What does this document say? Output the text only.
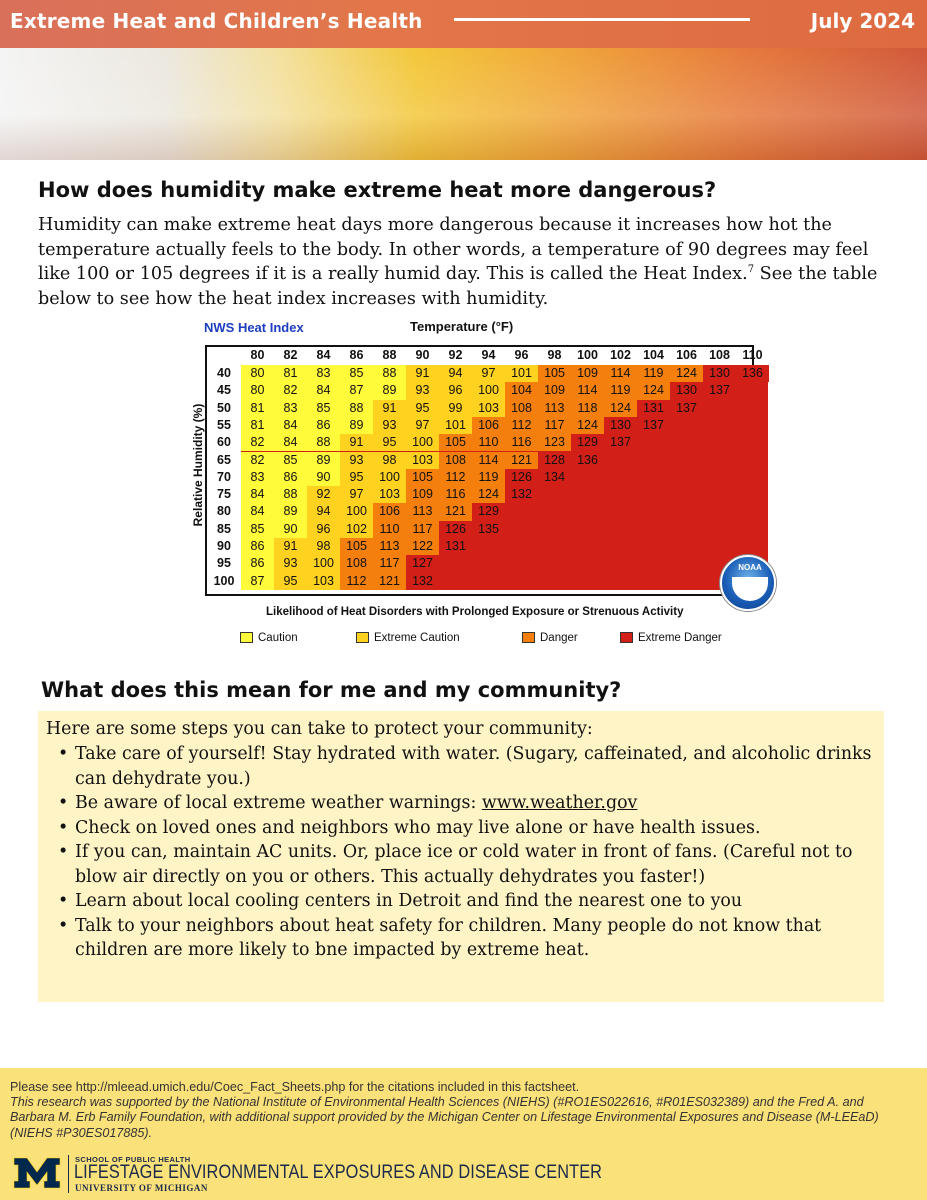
Extreme Heat and Children’s Health	July 2024
How does humidity make extreme heat more dangerous?

Humidity can make extreme heat days more dangerous because it increases how hot the temperature actually feels to the body. In other words, a temperature of 90 degrees may feel like 100 or 105 degrees if it is a really humid day. This is called the Heat Index.$^7$ See the table below to see how the heat index increases with humidity.

NWS Heat Index	Temperature (°F)
Relative Humidity (%)
80	82	84	86	88	90	92	94	96	98	100 102 104 106 108 110
40	80	81	83	85	88	91	94	97	101 105 109	114	119	124 130 136
45	80	82	84	87	89	93	96	100 104 109	114	119	124 130 137
50	81	83	85	88	91	95	99	103 108	113	118	124 131 137
55	81	84	86	89	93	97	101 106	112	117	124 130 137
60	82	84	88	91	95	100 105	110	116	123 129 137
65	82	85	89	93	98	103 108	114	121 128 136
70	83	86	90	95	100 105	112	119	126 134
75	84	88	92	97	103 109	116	124 132
80	84	89	94	100 106	113	121 129
85	85	90	96	102	110	117	126 135
90	86	91	98	105	113	122 131
95	86	93	100 108	117	127
100	87	95	103	112	121 132
NOAA
Likelihood of Heat Disorders with Prolonged Exposure or Strenuous Activity
Caution	Extreme Caution	Danger	Extreme Danger
What does this mean for me and my community?
Here are some steps you can take to protect your community:
• Take care of yourself! Stay hydrated with water. (Sugary, caffeinated, and alcoholic drinks can dehydrate you.)
• Be aware of local extreme weather warnings: www.weather.gov
• Check on loved ones and neighbors who may live alone or have health issues.
• If you can, maintain AC units. Or, place ice or cold water in front of fans. (Careful not to blow air directly on you or others. This actually dehydrates you faster!)
• Learn about local cooling centers in Detroit and find the nearest one to you
• Talk to your neighbors about heat safety for children. Many people do not know that children are more likely to bne impacted by extreme heat.
Please see http://mleead.umich.edu/Coec_Fact_Sheets.php for the citations included in this factsheet.
This research was supported by the National Institute of Environmental Health Sciences (NIEHS) (#RO1ES022616, #R01ES032389) and the Fred A. and Barbara M. Erb Family Foundation, with additional support provided by the Michigan Center on Lifestage Environmental Exposures and Disease (M-LEEaD) (NIEHS #P30ES017885).
SCHOOL OF PUBLIC HEALTH
LIFESTAGE ENVIRONMENTAL EXPOSURES AND DISEASE CENTER
UNIVERSITY OF MICHIGAN
